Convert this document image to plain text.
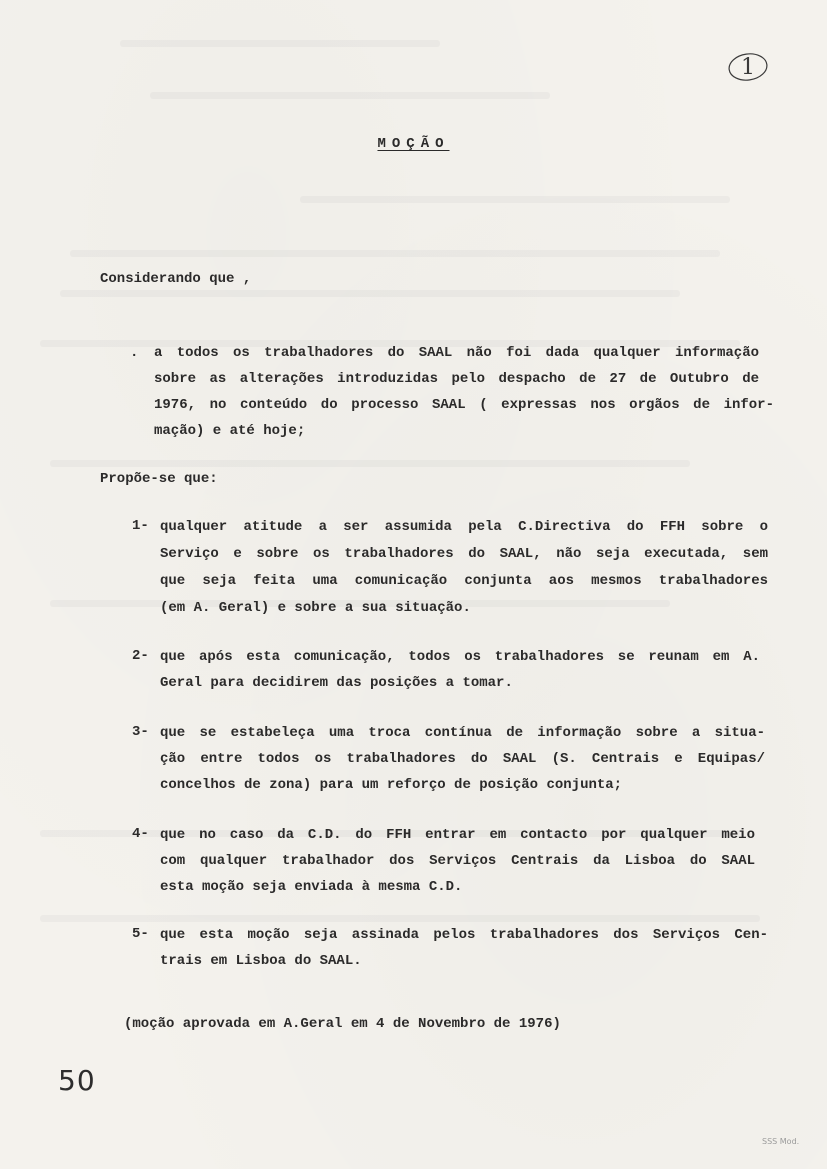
1
MOÇÃO
Considerando que ,
. a todos os trabalhadores do SAAL não foi dada qualquer informação
sobre as alterações introduzidas pelo despacho de 27 de Outubro de
1976, no conteúdo do processo SAAL ( expressas nos orgãos de infor-
mação) e até hoje;
Propõe-se que:
1- qualquer atitude a ser assumida pela C.Directiva do FFH sobre o
Serviço e sobre os trabalhadores do SAAL, não seja executada, sem
que seja feita uma comunicação conjunta aos mesmos trabalhadores
(em A. Geral) e sobre a sua situação.
2- que após esta comunicação, todos os trabalhadores se reunam em A.
Geral para decidirem das posições a tomar.
3- que se estabeleça uma troca contínua de informação sobre a situa-
ção entre todos os trabalhadores do SAAL (S. Centrais e Equipas/
concelhos de zona) para um reforço de posição conjunta;
4- que no caso da C.D. do FFH entrar em contacto por qualquer meio
com qualquer trabalhador dos Serviços Centrais da Lisboa do SAAL
esta moção seja enviada à mesma C.D.
5- que esta moção seja assinada pelos trabalhadores dos Serviços Cen-
trais em Lisboa do SAAL.
(moção aprovada em A.Geral em 4 de Novembro de 1976)
50
SSS Mod.
